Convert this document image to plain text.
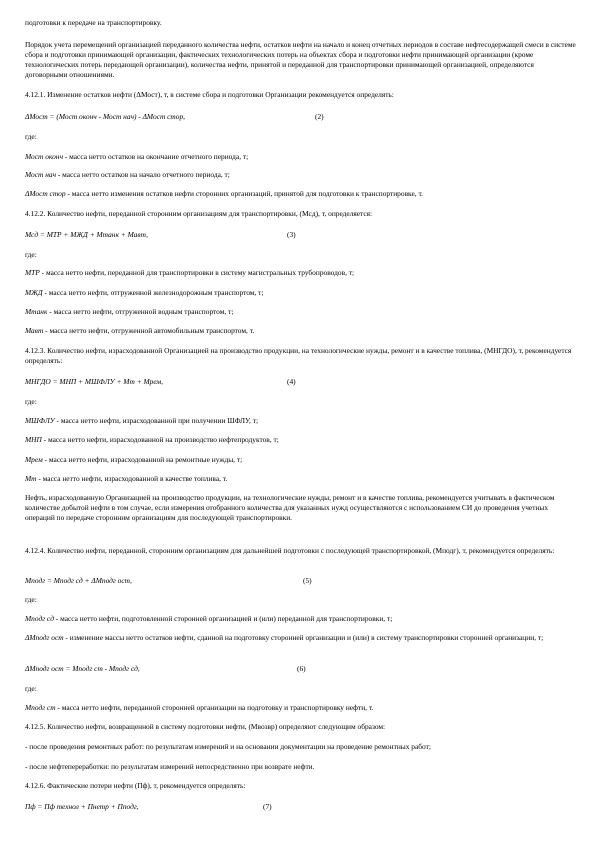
подготовки к передаче на транспортировку.

Порядок учета перемещений организацией переданного количества нефти, остатков нефти на начало и конец отчетных периодов в составе нефтесодержащей смеси в системе сбора и подготовки принимающей организации, фактических технологических потерь на объектах сбора и подготовки нефти принимающей организации (кроме технологических потерь передающей организации), количества нефти, принятой и переданной для транспортировки принимающей организацией, определяются договорными отношениями.

4.12.1. Изменение остатков нефти (ΔМост), т, в системе сбора и подготовки Организации рекомендуется определять:

ΔМост = (Мост оконч - Мост нач) - ΔМост стор,	(2)

где:

Мост оконч - масса нетто остатков на окончание отчетного периода, т;

Мост нач - масса нетто остатков на начало отчетного периода, т;

ΔМост стор - масса нетто изменения остатков нефти сторонних организаций, принятой для подготовки к транспортировке, т.

4.12.2. Количество нефти, переданной сторонним организациям для транспортировки, (Мсд), т, определяется:

Мсд = МТР + МЖД + Мтанк + Мавт,	(3)

где:

МТР - масса нетто нефти, переданной для транспортировки в систему магистральных трубопроводов, т;

МЖД - масса нетто нефти, отгруженной железнодорожным транспортом, т;

Мтанк - масса нетто нефти, отгруженной водным транспортом, т;

Мавт - масса нетто нефти, отгруженной автомобильным транспортом, т.

4.12.3. Количество нефти, израсходованной Организацией на производство продукции, на технологические нужды, ремонт и в качестве топлива, (МНГДО), т, рекомендуется определять:

МНГДО = МНП + МШФЛУ + Мт + Мрем,	(4)

где:

МШФЛУ - масса нетто нефти, израсходованной при получении ШФЛУ, т;

МНП - масса нетто нефти, израсходованной на производство нефтепродуктов, т;

Мрем - масса нетто нефти, израсходованной на ремонтные нужды, т;

Мт - масса нетто нефти, израсходованной в качестве топлива, т.

Нефть, израсходованную Организацией на производство продукции, на технологические нужды, ремонт и в качестве топлива, рекомендуется учитывать в фактическом количестве добытой нефти в том случае, если измерения отобранного количества для указанных нужд осуществляются с использованием СИ до проведения учетных операций по передаче сторонним организациям для последующей транспортировки.

4.12.4. Количество нефти, переданной, сторонним организациям для дальнейшей подготовки с последующей транспортировкой, (Мподг), т, рекомендуется определять:

Мподг = Мподг сд + ΔМподг ост,	(5)

где:

Мподг сд - масса нетто нефти, подготовленной сторонней организацией и (или) переданной для транспортировки, т;

ΔМподг ост - изменение массы нетто остатков нефти, сданной на подготовку сторонней организации и (или) в систему транспортировки сторонней организации, т;

ΔМподг ост = Мподг ст - Мподг сд,	(6)

где:

Мподг ст - масса нетто нефти, переданной сторонней организации на подготовку и транспортировку нефти, т.

4.12.5. Количество нефти, возвращенной в систему подготовки нефти, (Мвозвр) определяют следующим образом:

- после проведения ремонтных работ: по результатам измерений и на основании документации на проведение ремонтных работ;

- после нефтепереработки: по результатам измерений непосредственно при возврате нефти.

4.12.6. Фактические потери нефти (Пф), т, рекомендуется определять:

Пф = Пф технол + Пнетр + Пподг,	(7)
